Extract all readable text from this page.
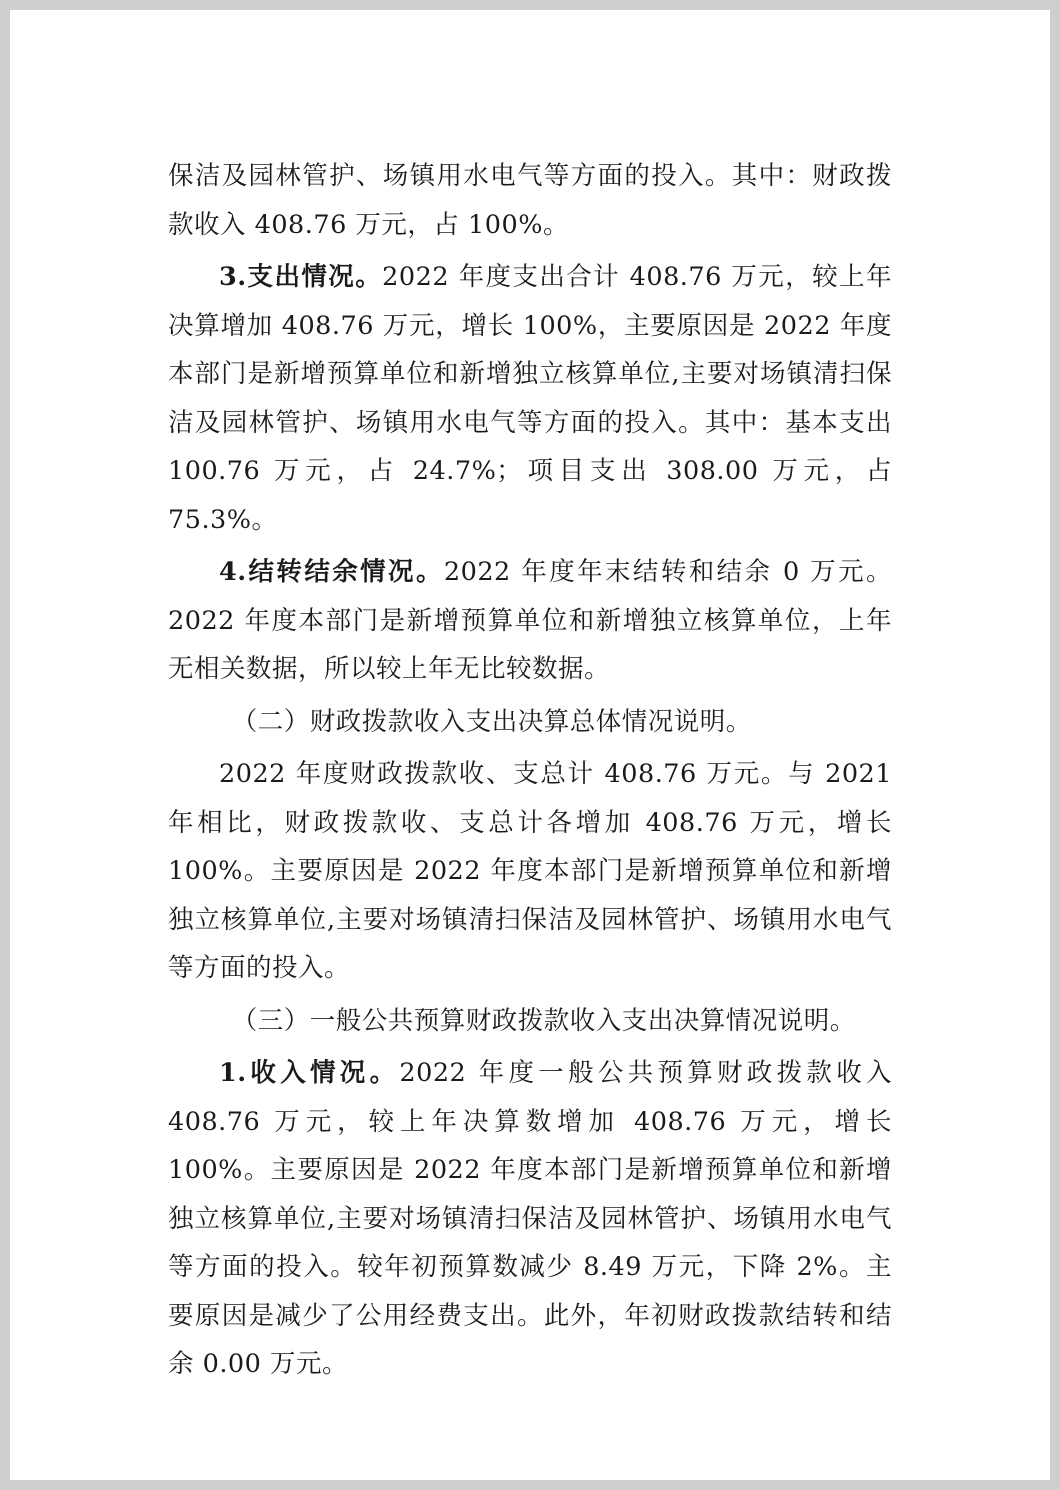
保洁及园林管护、场镇用水电气等方面的投入。其中：财政拨款收入 408.76 万元，占 100%。

3.支出情况。2022 年度支出合计 408.76 万元，较上年决算增加 408.76 万元，增长 100%，主要原因是 2022 年度本部门是新增预算单位和新增独立核算单位,主要对场镇清扫保洁及园林管护、场镇用水电气等方面的投入。其中：基本支出 100.76 万元，占 24.7%；项目支出 308.00 万元，占 75.3%。

4.结转结余情况。2022 年度年末结转和结余 0 万元。2022 年度本部门是新增预算单位和新增独立核算单位，上年无相关数据，所以较上年无比较数据。

（二）财政拨款收入支出决算总体情况说明。

2022 年度财政拨款收、支总计 408.76 万元。与 2021 年相比，财政拨款收、支总计各增加 408.76 万元，增长 100%。主要原因是 2022 年度本部门是新增预算单位和新增独立核算单位,主要对场镇清扫保洁及园林管护、场镇用水电气等方面的投入。

（三）一般公共预算财政拨款收入支出决算情况说明。

1.收入情况。2022 年度一般公共预算财政拨款收入 408.76 万元，较上年决算数增加 408.76 万元，增长 100%。主要原因是 2022 年度本部门是新增预算单位和新增独立核算单位,主要对场镇清扫保洁及园林管护、场镇用水电气等方面的投入。较年初预算数减少 8.49 万元，下降 2%。主要原因是减少了公用经费支出。此外，年初财政拨款结转和结余 0.00 万元。
